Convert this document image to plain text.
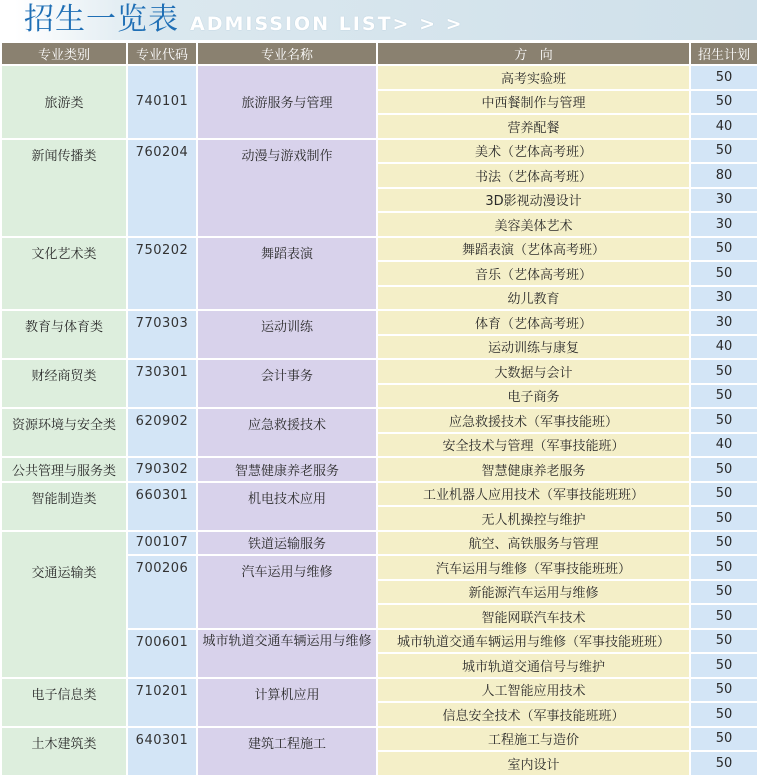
招生一览表 ADMISSION LIST> > >
专业类别	专业代码	专业名称	方   向	招生计划
旅游类	740101	旅游服务与管理	高考实验班	50
			中西餐制作与管理	50
			营养配餐	40
新闻传播类	760204	动漫与游戏制作	美术（艺体高考班）	50
			书法（艺体高考班）	80
			3D影视动漫设计	30
			美容美体艺术	30
文化艺术类	750202	舞蹈表演	舞蹈表演（艺体高考班）	50
			音乐（艺体高考班）	50
			幼儿教育	30
教育与体育类	770303	运动训练	体育（艺体高考班）	30
			运动训练与康复	40
财经商贸类	730301	会计事务	大数据与会计	50
			电子商务	50
资源环境与安全类	620902	应急救援技术	应急救援技术（军事技能班）	50
			安全技术与管理（军事技能班）	40
公共管理与服务类	790302	智慧健康养老服务	智慧健康养老服务	50
智能制造类	660301	机电技术应用	工业机器人应用技术（军事技能班班）	50
			无人机操控与维护	50
交通运输类	700107	铁道运输服务	航空、高铁服务与管理	50
	700206	汽车运用与维修	汽车运用与维修（军事技能班班）	50
			新能源汽车运用与维修	50
			智能网联汽车技术	50
	700601	城市轨道交通车辆运用与维修	城市轨道交通车辆运用与维修（军事技能班班）	50
			城市轨道交通信号与维护	50
电子信息类	710201	计算机应用	人工智能应用技术	50
			信息安全技术（军事技能班班）	50
土木建筑类	640301	建筑工程施工	工程施工与造价	50
			室内设计	50
